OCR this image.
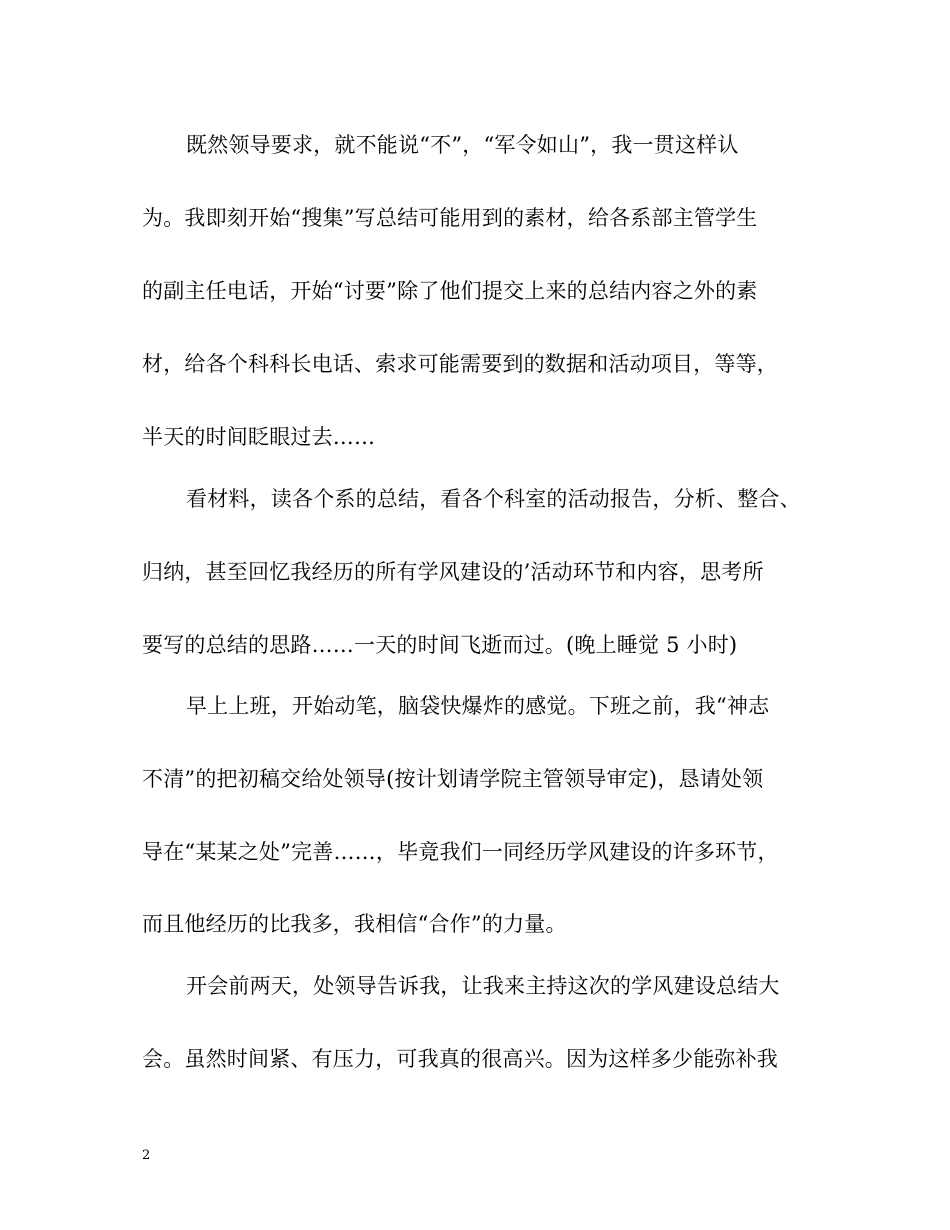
既然领导要求，就不能说“不”，“军令如山”，我一贯这样认
为。我即刻开始“搜集”写总结可能用到的素材，给各系部主管学生
的副主任电话，开始“讨要”除了他们提交上来的总结内容之外的素
材，给各个科科长电话、索求可能需要到的数据和活动项目，等等，
半天的时间眨眼过去……
看材料，读各个系的总结，看各个科室的活动报告，分析、整合、
归纳，甚至回忆我经历的所有学风建设的’活动环节和内容，思考所
要写的总结的思路……一天的时间飞逝而过。(晚上睡觉 5 小时)
早上上班，开始动笔，脑袋快爆炸的感觉。下班之前，我“神志
不清”的把初稿交给处领导(按计划请学院主管领导审定)，恳请处领
导在“某某之处”完善……，毕竟我们一同经历学风建设的许多环节，
而且他经历的比我多，我相信“合作”的力量。
开会前两天，处领导告诉我，让我来主持这次的学风建设总结大
会。虽然时间紧、有压力，可我真的很高兴。因为这样多少能弥补我
2
